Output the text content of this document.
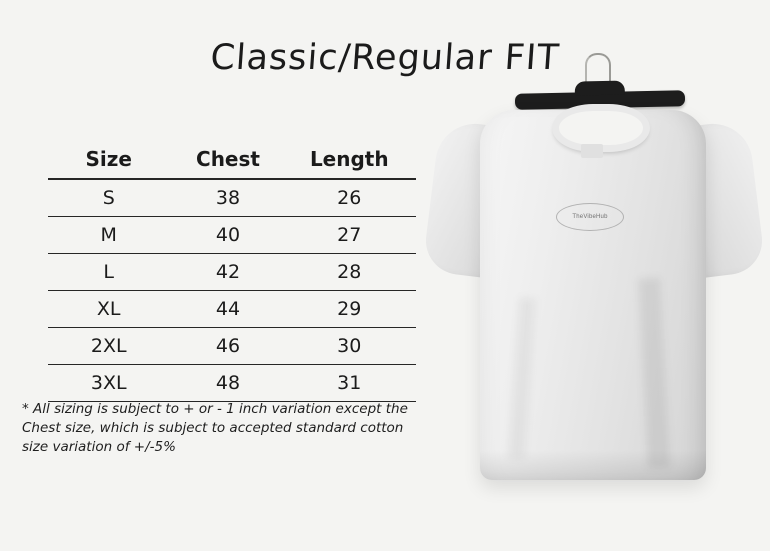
Classic/Regular FIT
Size	Chest	Length
S	38	26
M	40	27
L	42	28
XL	44	29
2XL	46	30
3XL	48	31
* All sizing is subject to + or - 1 inch variation except the Chest size, which is subject to accepted standard cotton size variation of +/-5%
TheVibeHub
